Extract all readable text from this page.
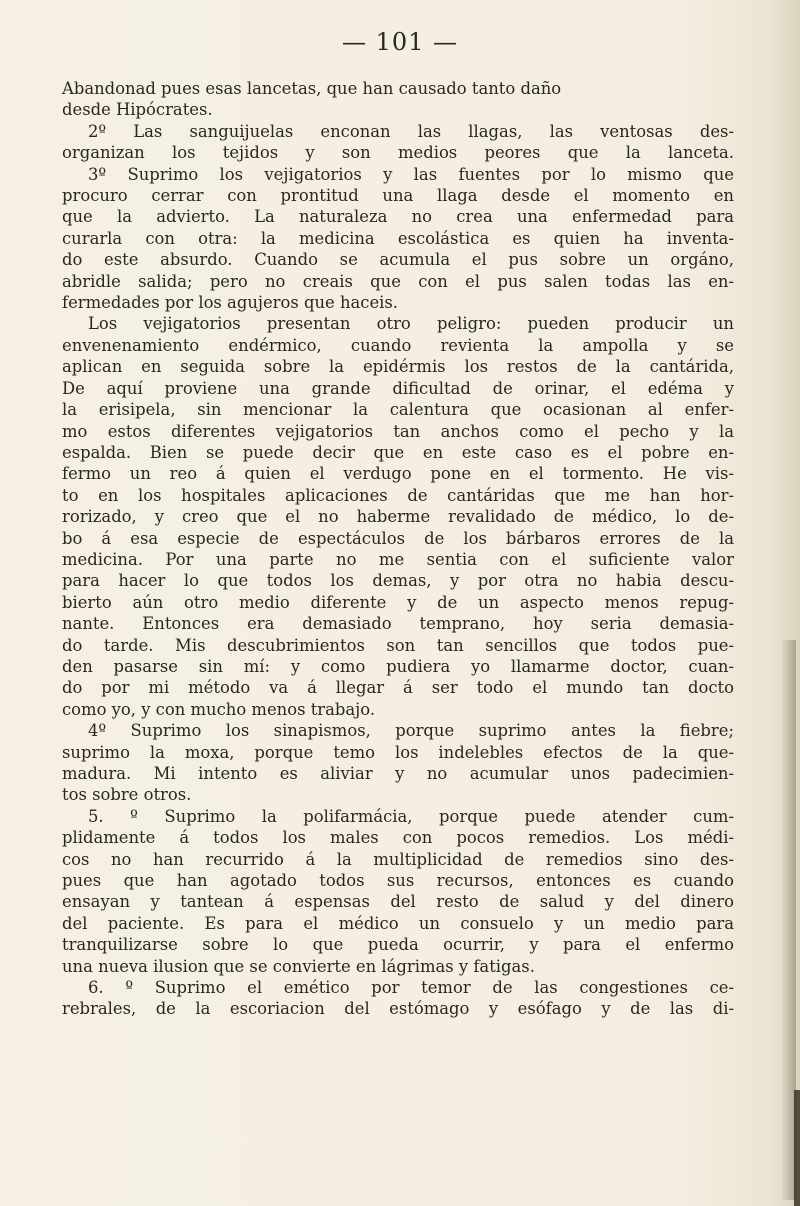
— 101 —
Abandonad pues esas lancetas, que han causado tanto daño
desde Hipócrates.
2º Las sanguijuelas enconan las llagas, las ventosas des-
organizan los tejidos y son medios peores que la lanceta.
3º Suprimo los vejigatorios y las fuentes por lo mismo que
procuro cerrar con prontitud una llaga desde el momento en
que la advierto. La naturaleza no crea una enfermedad para
curarla con otra: la medicina escolástica es quien ha inventa-
do este absurdo. Cuando se acumula el pus sobre un orgáno,
abridle salida; pero no creais que con el pus salen todas las en-
fermedades por los agujeros que haceis.
Los vejigatorios presentan otro peligro: pueden producir un
envenenamiento endérmico, cuando revienta la ampolla y se
aplican en seguida sobre la epidérmis los restos de la cantárida,
De aquí proviene una grande dificultad de orinar, el edéma y
la erisipela, sin mencionar la calentura que ocasionan al enfer-
mo estos diferentes vejigatorios tan anchos como el pecho y la
espalda. Bien se puede decir que en este caso es el pobre en-
fermo un reo á quien el verdugo pone en el tormento. He vis-
to en los hospitales aplicaciones de cantáridas que me han hor-
rorizado, y creo que el no haberme revalidado de médico, lo de-
bo á esa especie de espectáculos de los bárbaros errores de la
medicina. Por una parte no me sentia con el suficiente valor
para hacer lo que todos los demas, y por otra no habia descu-
bierto aún otro medio diferente y de un aspecto menos repug-
nante. Entonces era demasiado temprano, hoy seria demasia-
do tarde. Mis descubrimientos son tan sencillos que todos pue-
den pasarse sin mí: y como pudiera yo llamarme doctor, cuan-
do por mi método va á llegar á ser todo el mundo tan docto
como yo, y con mucho menos trabajo.
4º Suprimo los sinapismos, porque suprimo antes la fiebre;
suprimo la moxa, porque temo los indelebles efectos de la que-
madura. Mi intento es aliviar y no acumular unos padecimien-
tos sobre otros.
5. º Suprimo la polifarmácia, porque puede atender cum-
plidamente á todos los males con pocos remedios. Los médi-
cos no han recurrido á la multiplicidad de remedios sino des-
pues que han agotado todos sus recursos, entonces es cuando
ensayan y tantean á espensas del resto de salud y del dinero
del paciente. Es para el médico un consuelo y un medio para
tranquilizarse sobre lo que pueda ocurrir, y para el enfermo
una nueva ilusion que se convierte en lágrimas y fatigas.
6. º Suprimo el emético por temor de las congestiones ce-
rebrales, de la escoriacion del estómago y esófago y de las di-
